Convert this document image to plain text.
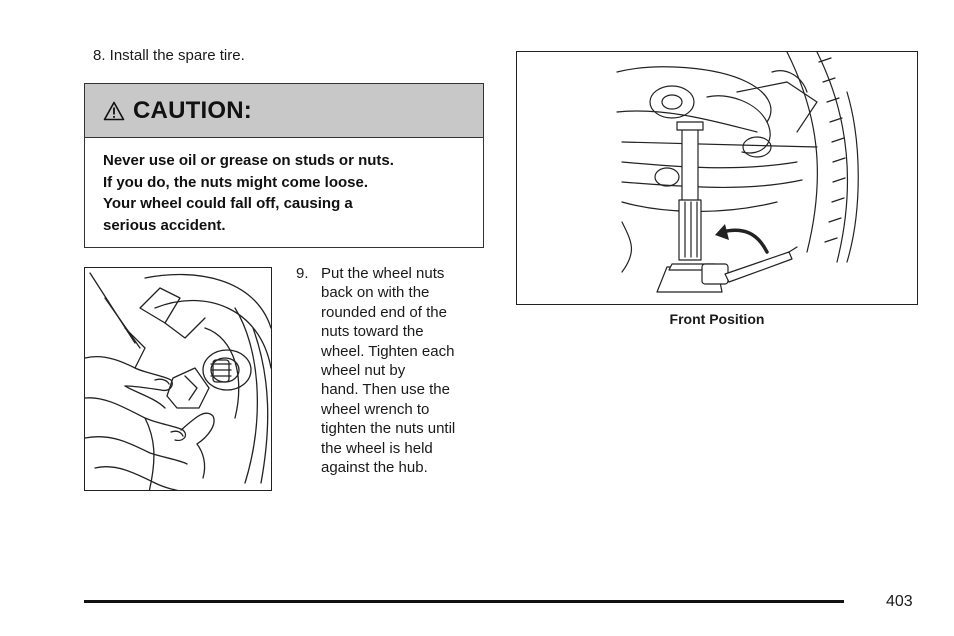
8. Install the spare tire.
CAUTION:
Never use oil or grease on studs or nuts.
If you do, the nuts might come loose.
Your wheel could fall off, causing a
serious accident.
9. Put the wheel nuts
back on with the
rounded end of the
nuts toward the
wheel. Tighten each
wheel nut by
hand. Then use the
wheel wrench to
tighten the nuts until
the wheel is held
against the hub.
Front Position
403
